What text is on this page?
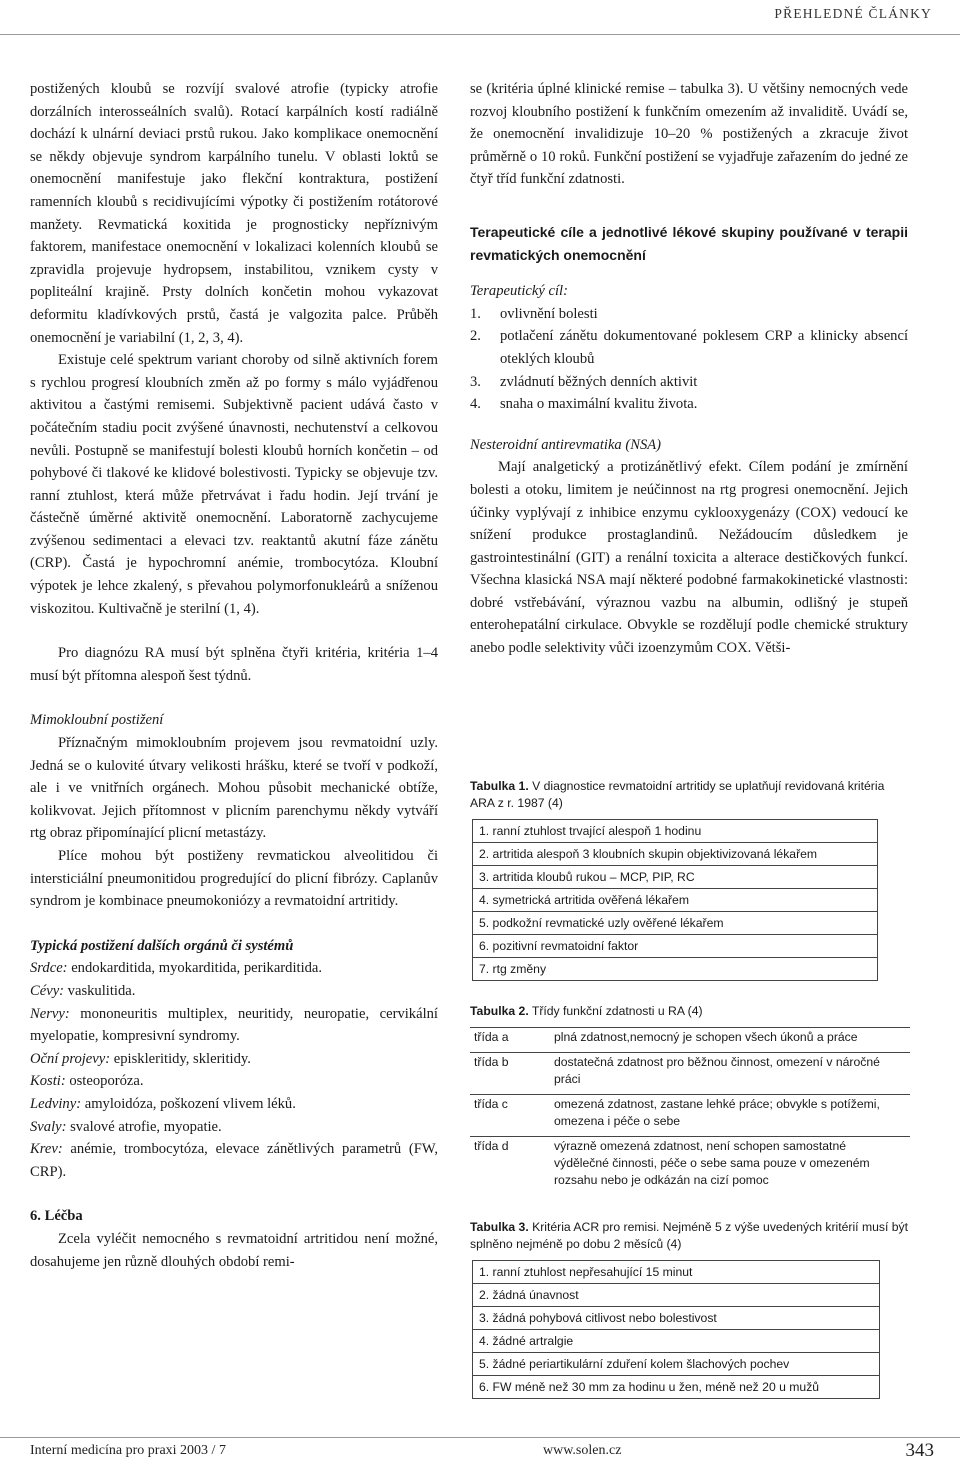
PŘEHLEDNÉ ČLÁNKY

postižených kloubů se rozvíjí svalové atrofie (typicky atrofie dorzálních interosseálních svalů). Rotací karpálních kostí radiálně dochází k ulnární deviaci prstů rukou. Jako komplikace onemocnění se někdy objevuje syndrom karpálního tunelu. V oblasti loktů se onemocnění manifestuje jako flekční kontraktura, postižení ramenních kloubů s recidivujícími výpotky či postižením rotátorové manžety. Revmatická koxitida je prognosticky nepříznivým faktorem, manifestace onemocnění v lokalizaci kolenních kloubů se zpravidla projevuje hydropsem, instabilitou, vznikem cysty v popliteální krajině. Prsty dolních končetin mohou vykazovat deformitu kladívkových prstů, častá je valgozita palce. Průběh onemocnění je variabilní (1, 2, 3, 4).

Existuje celé spektrum variant choroby od silně aktivních forem s rychlou progresí kloubních změn až po formy s málo vyjádřenou aktivitou a častými remisemi. Subjektivně pacient udává často v počátečním stadiu pocit zvýšené únavnosti, nechutenství a celkovou nevůli. Postupně se manifestují bolesti kloubů horních končetin – od pohybové či tlakové ke klidové bolestivosti. Typicky se objevuje tzv. ranní ztuhlost, která může přetrvávat i řadu hodin. Její trvání je částečně úměrné aktivitě onemocnění. Laboratorně zachycujeme zvýšenou sedimentaci a elevaci tzv. reaktantů akutní fáze zánětu (CRP). Častá je hypochromní anémie, trombocytóza. Kloubní výpotek je lehce zkalený, s převahou polymorfonukleárů a sníženou viskozitou. Kultivačně je sterilní (1, 4).

Pro diagnózu RA musí být splněna čtyři kritéria, kritéria 1–4 musí být přítomna alespoň šest týdnů.

Mimokloubní postižení

Příznačným mimokloubním projevem jsou revmatoidní uzly. Jedná se o kulovité útvary velikosti hrášku, které se tvoří v podkoží, ale i ve vnitřních orgánech. Mohou působit mechanické obtíže, kolikvovat. Jejich přítomnost v plicním parenchymu někdy vytváří rtg obraz připomínající plicní metastázy.

Plíce mohou být postiženy revmatickou alveolitidou či intersticiální pneumonitidou progredující do plicní fibrózy. Caplanův syndrom je kombinace pneumokoniózy a revmatoidní artritidy.

Typická postižení dalších orgánů či systémů

Srdce: endokarditida, myokarditida, perikarditida.

Cévy: vaskulitida.

Nervy: mononeuritis multiplex, neuritidy, neuropatie, cervikální myelopatie, kompresivní syndromy.

Oční projevy: episkleritidy, skleritidy.

Kosti: osteoporóza.

Ledviny: amyloidóza, poškození vlivem léků.

Svaly: svalové atrofie, myopatie.

Krev: anémie, trombocytóza, elevace zánětlivých parametrů (FW, CRP).

6. Léčba

Zcela vyléčit nemocného s revmatoidní artritidou není možné, dosahujeme jen různě dlouhých období remi-

se (kritéria úplné klinické remise – tabulka 3). U většiny nemocných vede rozvoj kloubního postižení k funkčním omezením až invaliditě. Uvádí se, že onemocnění invalidizuje 10–20 % postižených a zkracuje život průměrně o 10 roků. Funkční postižení se vyjadřuje zařazením do jedné ze čtyř tříd funkční zdatnosti.

Terapeutické cíle a jednotlivé lékové skupiny používané v terapii revmatických onemocnění

Terapeutický cíl:

1.	ovlivnění bolesti
2.	potlačení zánětu dokumentované poklesem CRP a klinicky absencí oteklých kloubů
3.	zvládnutí běžných denních aktivit
4.	snaha o maximální kvalitu života.

Nesteroidní antirevmatika (NSA)

Mají analgetický a protizánětlivý efekt. Cílem podání je zmírnění bolesti a otoku, limitem je neúčinnost na rtg progresi onemocnění. Jejich účinky vyplývají z inhibice enzymu cyklooxygenázy (COX) vedoucí ke snížení produkce prostaglandinů. Nežádoucím důsledkem je gastrointestinální (GIT) a renální toxicita a alterace destičkových funkcí. Všechna klasická NSA mají některé podobné farmakokinetické vlastnosti: dobré vstřebávání, výraznou vazbu na albumin, odlišný je stupeň enterohepatální cirkulace. Obvykle se rozdělují podle chemické struktury anebo podle selektivity vůči izoenzymům COX. Větši-

Tabulka 1. V diagnostice revmatoidní artritidy se uplatňují revidovaná kritéria ARA z r. 1987 (4)
1. ranní ztuhlost trvající alespoň 1 hodinu
2. artritida alespoň 3 kloubních skupin objektivizovaná lékařem
3. artritida kloubů rukou – MCP, PIP, RC
4. symetrická artritida ověřená lékařem
5. podkožní revmatické uzly ověřené lékařem
6. pozitivní revmatoidní faktor
7. rtg změny
Tabulka 2. Třídy funkční zdatnosti u RA (4)
třída a	plná zdatnost,nemocný je schopen všech úkonů a práce
třída b	dostatečná zdatnost pro běžnou činnost, omezení v náročné práci
třída c	omezená zdatnost, zastane lehké práce; obvykle s potížemi, omezena i péče o sebe
třída d	výrazně omezená zdatnost, není schopen samostatné výdělečné činnosti, péče o sebe sama pouze v omezeném rozsahu nebo je odkázán na cizí pomoc
Tabulka 3. Kritéria ACR pro remisi. Nejméně 5 z výše uvedených kritérií musí být splněno nejméně po dobu 2 měsíců (4)
1. ranní ztuhlost nepřesahující 15 minut
2. žádná únavnost
3. žádná pohybová citlivost nebo bolestivost
4. žádné artralgie
5. žádné periartikulární zduření kolem šlachových pochev
6. FW méně než 30 mm za hodinu u žen, méně než 20 u mužů
Interní medicína pro praxi 2003 / 7	www.solen.cz	343
